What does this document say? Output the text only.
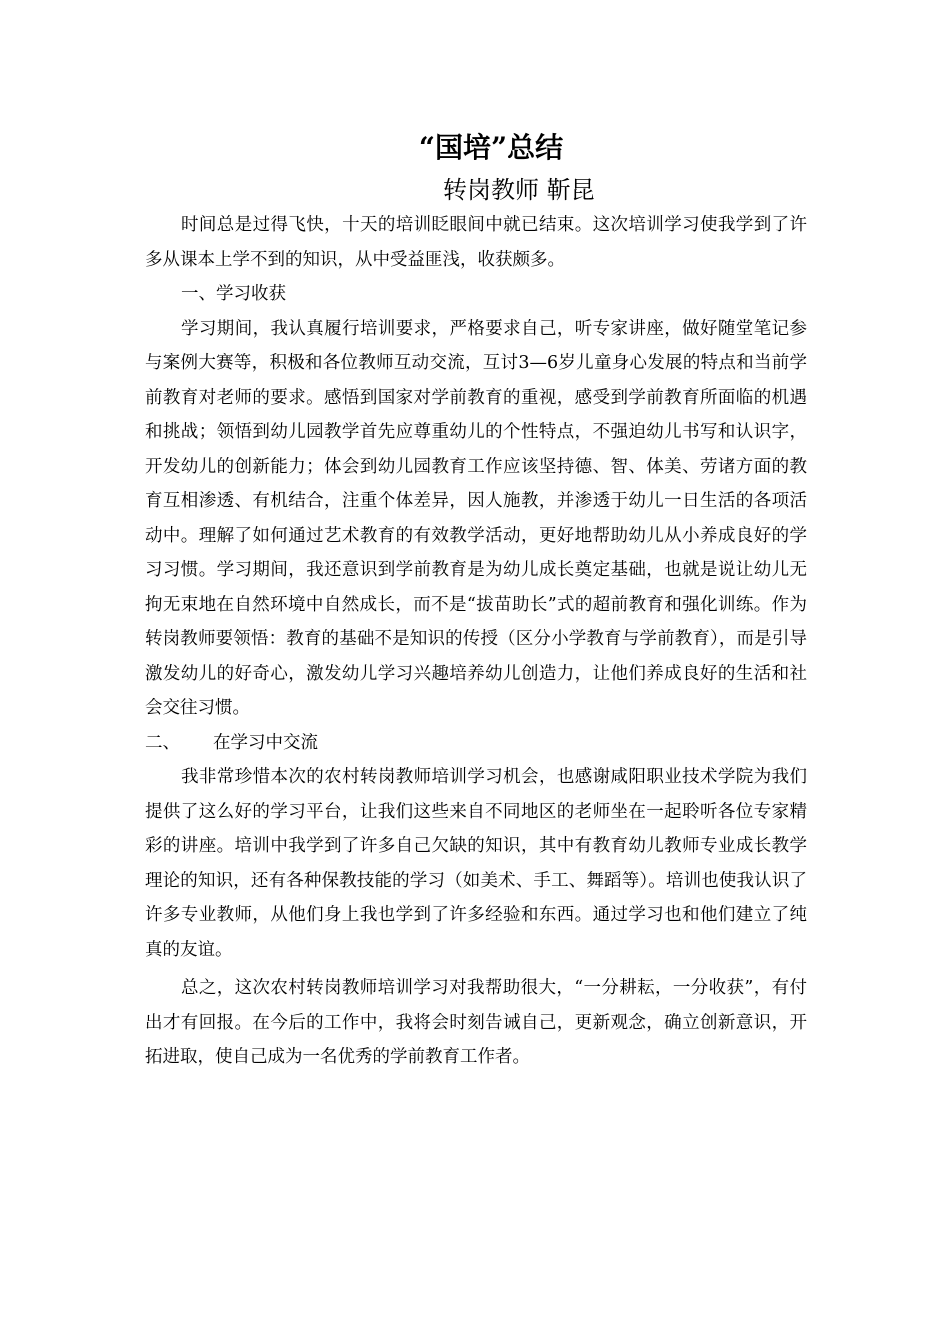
“国培”总结
转岗教师 靳昆

时间总是过得飞快，十天的培训眨眼间中就已结束。这次培训学习使我学到了许多从课本上学不到的知识，从中受益匪浅，收获颇多。

一、学习收获

学习期间，我认真履行培训要求，严格要求自己，听专家讲座，做好随堂笔记参与案例大赛等，积极和各位教师互动交流，互讨3—6岁儿童身心发展的特点和当前学前教育对老师的要求。感悟到国家对学前教育的重视，感受到学前教育所面临的机遇和挑战；领悟到幼儿园教学首先应尊重幼儿的个性特点，不强迫幼儿书写和认识字，开发幼儿的创新能力；体会到幼儿园教育工作应该坚持德、智、体美、劳诸方面的教育互相渗透、有机结合，注重个体差异，因人施教，并渗透于幼儿一日生活的各项活动中。理解了如何通过艺术教育的有效教学活动，更好地帮助幼儿从小养成良好的学习习惯。学习期间，我还意识到学前教育是为幼儿成长奠定基础，也就是说让幼儿无拘无束地在自然环境中自然成长，而不是“拔苗助长”式的超前教育和强化训练。作为转岗教师要领悟：教育的基础不是知识的传授（区分小学教育与学前教育），而是引导激发幼儿的好奇心，激发幼儿学习兴趣培养幼儿创造力，让他们养成良好的生活和社会交往习惯。

二、 在学习中交流

我非常珍惜本次的农村转岗教师培训学习机会，也感谢咸阳职业技术学院为我们提供了这么好的学习平台，让我们这些来自不同地区的老师坐在一起聆听各位专家精彩的讲座。培训中我学到了许多自己欠缺的知识，其中有教育幼儿教师专业成长教学理论的知识，还有各种保教技能的学习（如美术、手工、舞蹈等）。培训也使我认识了许多专业教师，从他们身上我也学到了许多经验和东西。通过学习也和他们建立了纯真的友谊。

总之，这次农村转岗教师培训学习对我帮助很大，“一分耕耘，一分收获”，有付出才有回报。在今后的工作中，我将会时刻告诫自己，更新观念，确立创新意识，开拓进取，使自己成为一名优秀的学前教育工作者。
